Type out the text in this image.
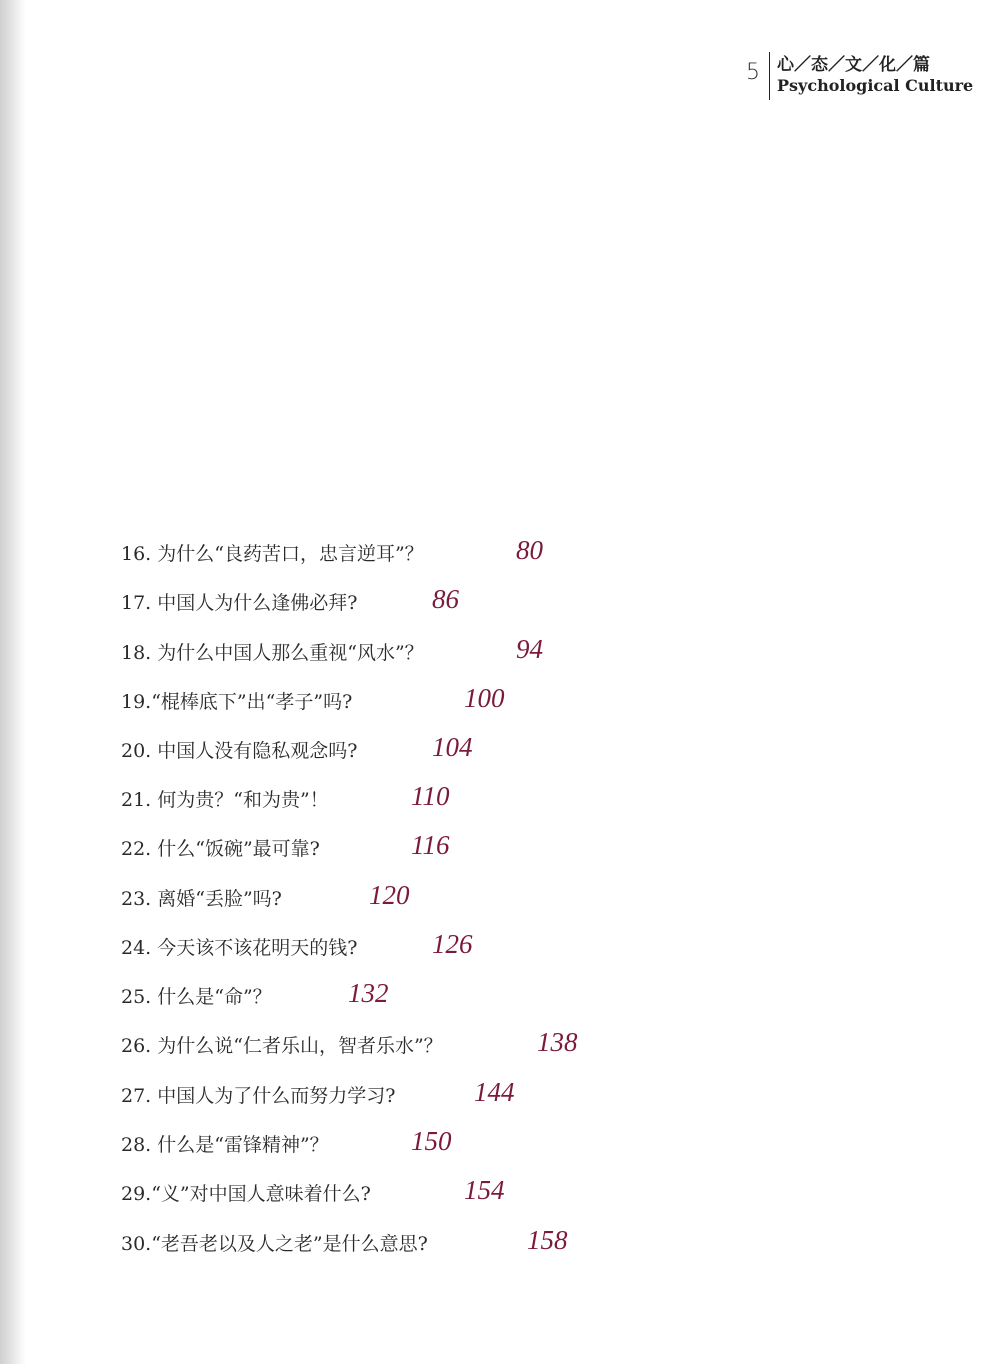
5 心／态／文／化／篇
Psychological Culture
16. 为什么“良药苦口，忠言逆耳”？	80
17. 中国人为什么逢佛必拜?	86
18. 为什么中国人那么重视“风水”？	94
19.“棍棒底下”出“孝子”吗?	100
20. 中国人没有隐私观念吗?	104
21. 何为贵？“和为贵”！	110
22. 什么“饭碗”最可靠?	116
23. 离婚“丢脸”吗?	120
24. 今天该不该花明天的钱?	126
25. 什么是“命”？	132
26. 为什么说“仁者乐山，智者乐水”？	138
27. 中国人为了什么而努力学习?	144
28. 什么是“雷锋精神”？	150
29.“义”对中国人意味着什么?	154
30.“老吾老以及人之老”是什么意思?	158
